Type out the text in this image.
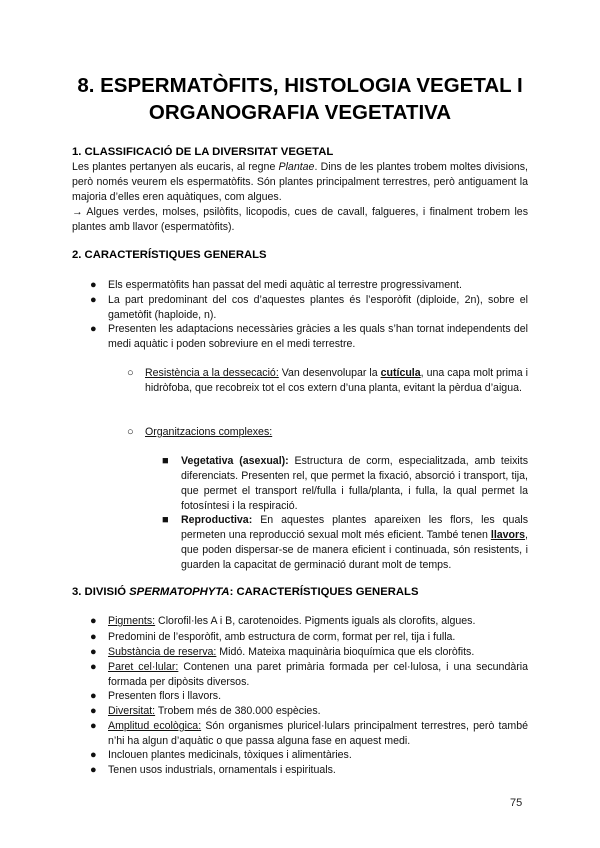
8. ESPERMATÒFITS, HISTOLOGIA VEGETAL I ORGANOGRAFIA VEGETATIVA
1. CLASSIFICACIÓ DE LA DIVERSITAT VEGETAL
Les plantes pertanyen als eucaris, al regne Plantae. Dins de les plantes trobem moltes divisions, però només veurem els espermatòfits. Són plantes principalment terrestres, però antiguament la majoria d’elles eren aquàtiques, com algues.
→ Algues verdes, molses, psilòfits, licopodis, cues de cavall, falgueres, i finalment trobem les plantes amb llavor (espermatòfits).
2. CARACTERÍSTIQUES GENERALS
● Els espermatòfits han passat del medi aquàtic al terrestre progressivament.
● La part predominant del cos d’aquestes plantes és l’esporòfit (diploide, 2n), sobre el gametòfit (haploide, n).
● Presenten les adaptacions necessàries gràcies a les quals s’han tornat independents del medi aquàtic i poden sobreviure en el medi terrestre.
○ Resistència a la dessecació: Van desenvolupar la cutícula, una capa molt prima i hidròfoba, que recobreix tot el cos extern d’una planta, evitant la pèrdua d’aigua.
○ Organitzacions complexes:
■ Vegetativa (asexual): Estructura de corm, especialitzada, amb teixits diferenciats. Presenten rel, que permet la fixació, absorció i transport, tija, que permet el transport rel/fulla i fulla/planta, i fulla, la qual permet la fotosíntesi i la respiració.
■ Reproductiva: En aquestes plantes apareixen les flors, les quals permeten una reproducció sexual molt més eficient. També tenen llavors, que poden dispersar-se de manera eficient i continuada, són resistents, i guarden la capacitat de germinació durant molt de temps.
3. DIVISIÓ SPERMATOPHYTA: CARACTERÍSTIQUES GENERALS
● Pigments: Clorofil·les A i B, carotenoides. Pigments iguals als clorofits, algues.
● Predomini de l’esporòfit, amb estructura de corm, format per rel, tija i fulla.
● Substància de reserva: Midó. Mateixa maquinària bioquímica que els cloròfits.
● Paret cel·lular: Contenen una paret primària formada per cel·lulosa, i una secundària formada per dipòsits diversos.
● Presenten flors i llavors.
● Diversitat: Trobem més de 380.000 espècies.
● Amplitud ecològica: Són organismes pluricel·lulars principalment terrestres, però també n’hi ha algun d’aquàtic o que passa alguna fase en aquest medi.
● Inclouen plantes medicinals, tòxiques i alimentàries.
● Tenen usos industrials, ornamentals i espirituals.
75
